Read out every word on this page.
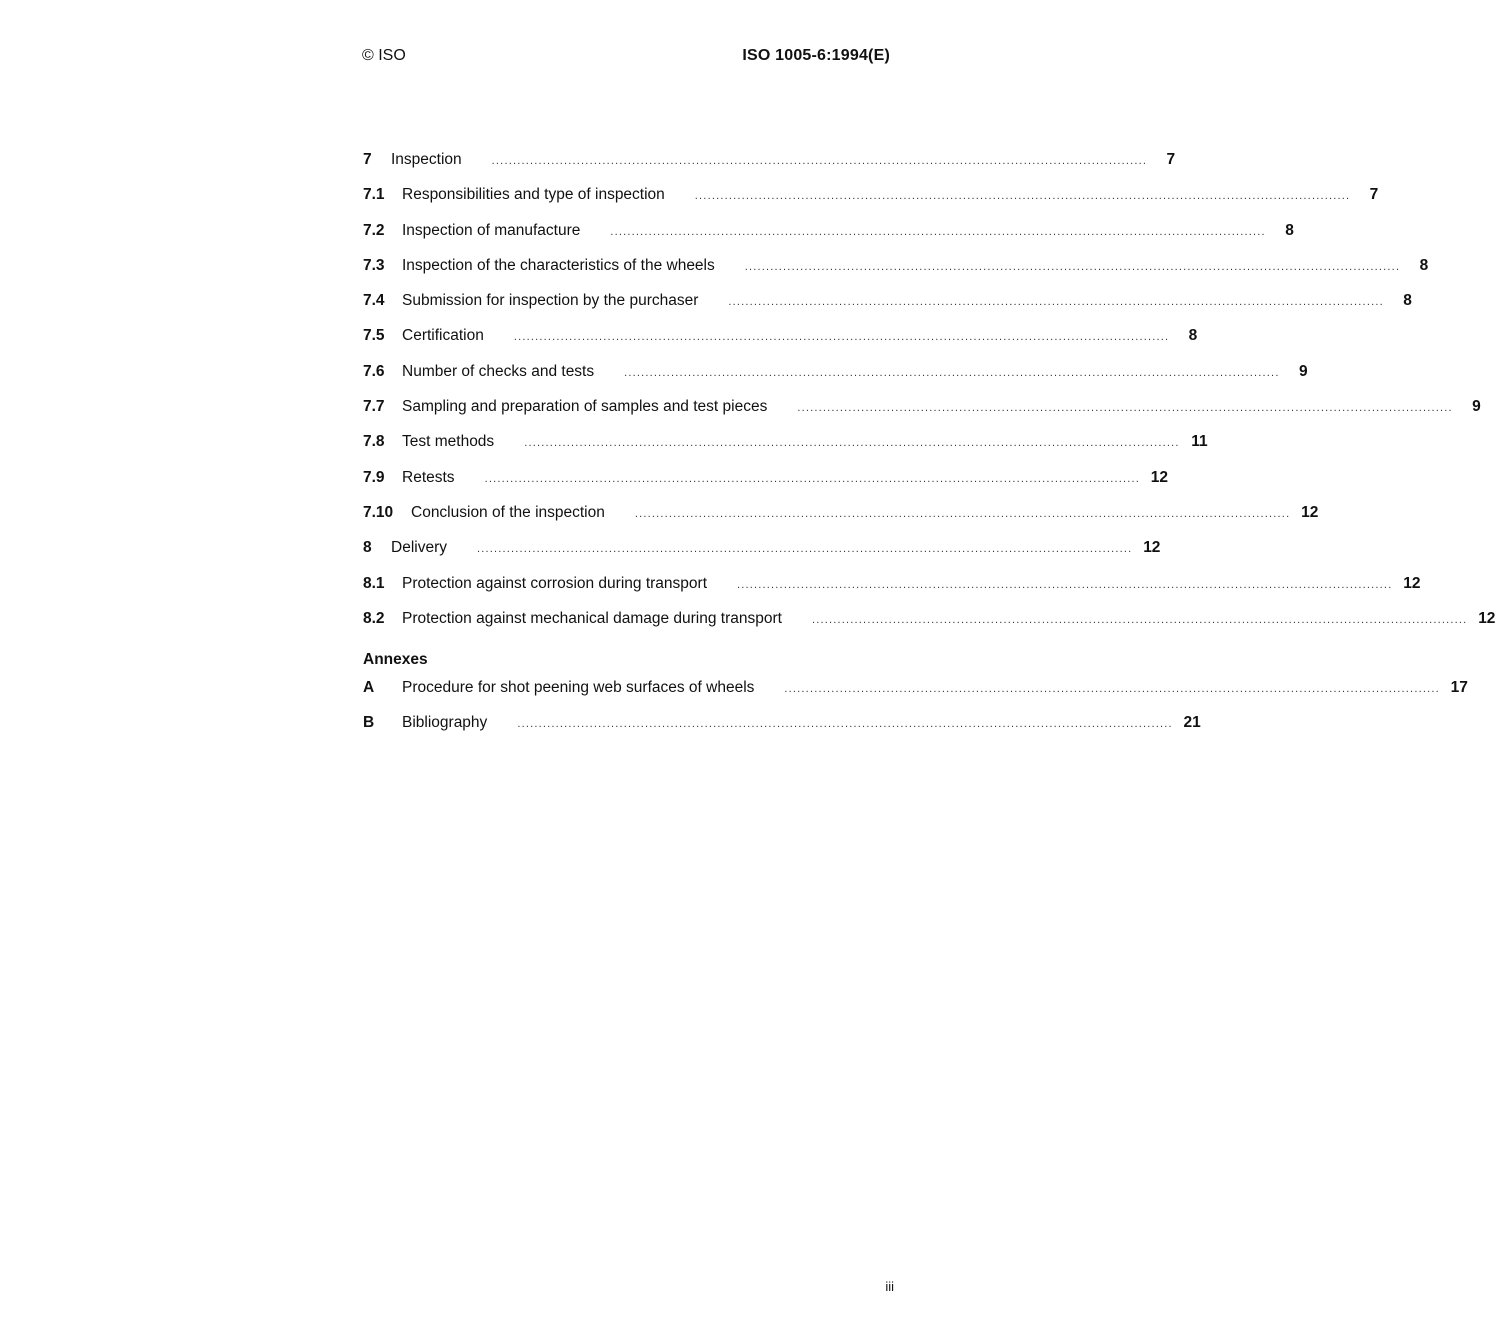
© ISO	ISO 1005-6:1994(E)
7	Inspection	..........................................................................................................................................................	7
7.1	Responsibilities and type of inspection	..........................................................................................................................................................	7
7.2	Inspection of manufacture	..........................................................................................................................................................	8
7.3	Inspection of the characteristics of the wheels	..........................................................................................................................................................	8
7.4	Submission for inspection by the purchaser	..........................................................................................................................................................	8
7.5	Certification	..........................................................................................................................................................	8
7.6	Number of checks and tests	..........................................................................................................................................................	9
7.7	Sampling and preparation of samples and test pieces	..........................................................................................................................................................	9
7.8	Test methods	.......................................................................................................................................................... 11
7.9	Retests	.......................................................................................................................................................... 12
7.10	Conclusion of the inspection	.......................................................................................................................................................... 12
8	Delivery	.......................................................................................................................................................... 12
8.1	Protection against corrosion during transport	.......................................................................................................................................................... 12
8.2	Protection against mechanical damage during transport	.......................................................................................................................................................... 12
Annexes
A	Procedure for shot peening web surfaces of wheels	.......................................................................................................................................................... 17
B	Bibliography	.......................................................................................................................................................... 21
iii
